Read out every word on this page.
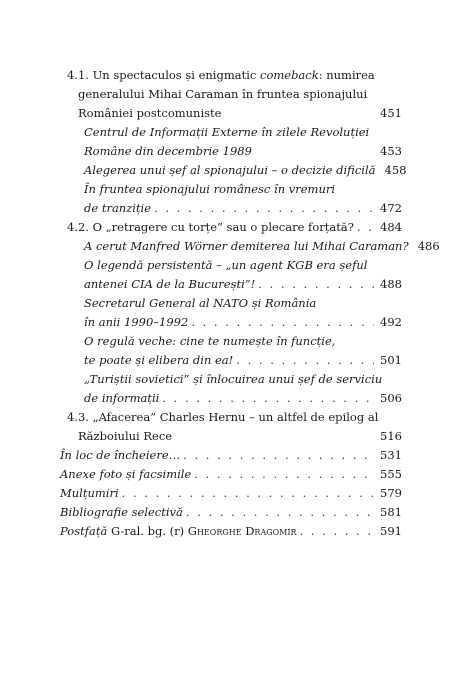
4.1. Un spectaculos și enigmatic comeback: numirea
generalului Mihai Caraman în fruntea spionajului
României postcomuniste	451
Centrul de Informații Externe în zilele Revoluției
Române din decembrie 1989	453
Alegerea unui șef al spionajului – o decizie dificilă 458
În fruntea spionajului românesc în vremuri
de tranziție . . .	472
4.2. O „retragere cu torțe” sau o plecare forțată? . . . 484
A cerut Manfred Wörner demiterea lui Mihai Caraman? 486
O legendă persistentă – „un agent KGB era șeful
antenei CIA de la București”! . . .	488
Secretarul General al NATO și România
în anii 1990–1992 . . .	492
O regulă veche: cine te numește în funcție,
te poate și elibera din ea! . . .	501
„Turiștii sovietici” și înlocuirea unui șef de serviciu
de informații . . .	506
4.3. „Afacerea” Charles Hernu – un altfel de epilog al
Războiului Rece	516
În loc de încheiere… . . .	531
Anexe foto și facsimile . . .	555
Mulțumiri . . .	579
Bibliografie selectivă . . .	581
Postfață G-ral. bg. (r) Gheorghe Dragomir . . .	591
